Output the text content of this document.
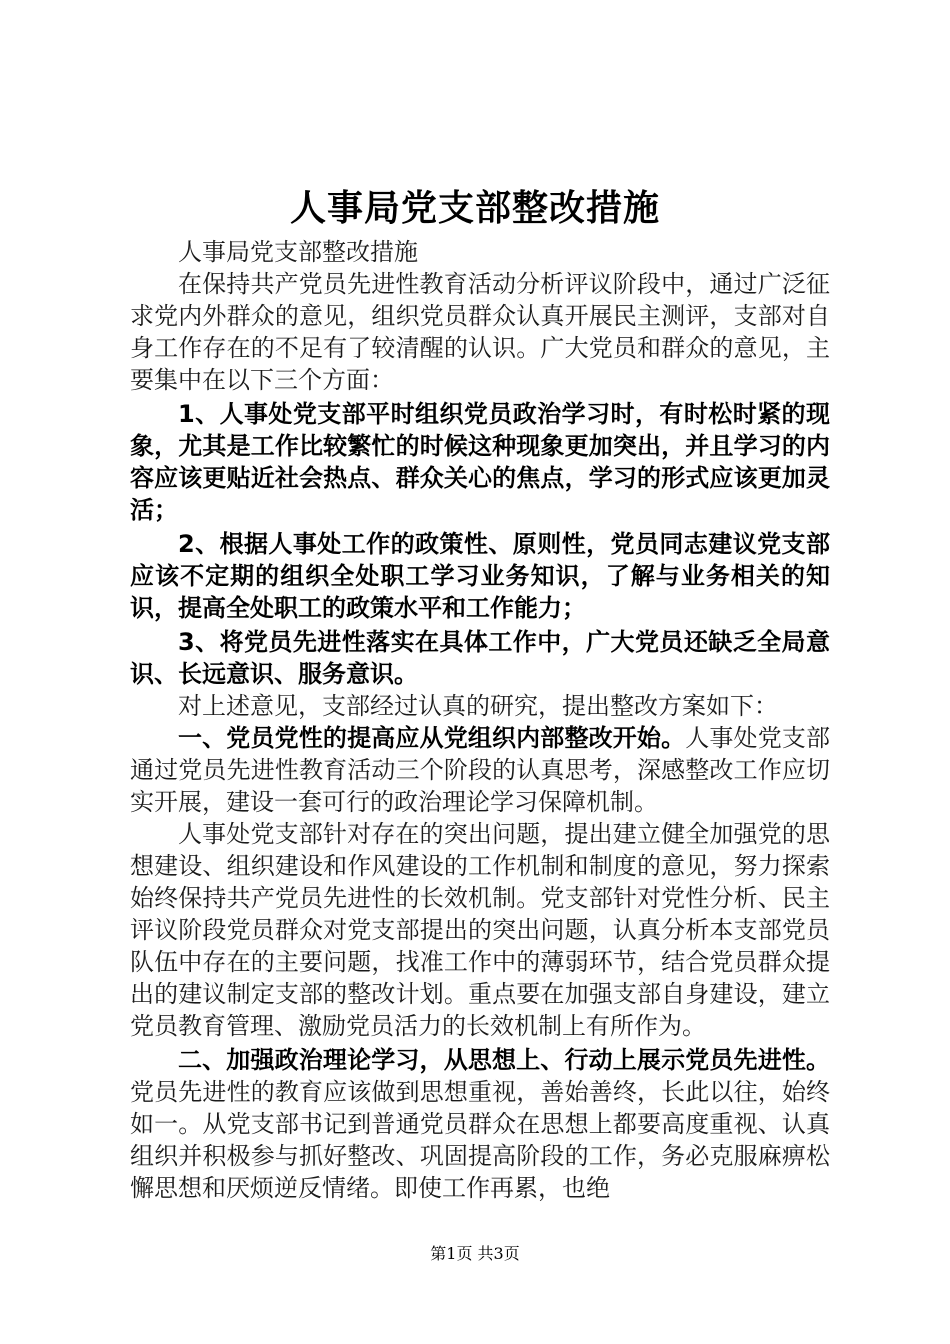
人事局党支部整改措施

人事局党支部整改措施

在保持共产党员先进性教育活动分析评议阶段中，通过广泛征求党内外群众的意见，组织党员群众认真开展民主测评，支部对自身工作存在的不足有了较清醒的认识。广大党员和群众的意见，主要集中在以下三个方面：

1、人事处党支部平时组织党员政治学习时，有时松时紧的现象，尤其是工作比较繁忙的时候这种现象更加突出，并且学习的内容应该更贴近社会热点、群众关心的焦点，学习的形式应该更加灵活；

2、根据人事处工作的政策性、原则性，党员同志建议党支部应该不定期的组织全处职工学习业务知识，了解与业务相关的知识，提高全处职工的政策水平和工作能力；

3、将党员先进性落实在具体工作中，广大党员还缺乏全局意识、长远意识、服务意识。

对上述意见，支部经过认真的研究，提出整改方案如下：

一、党员党性的提高应从党组织内部整改开始。人事处党支部通过党员先进性教育活动三个阶段的认真思考，深感整改工作应切实开展，建设一套可行的政治理论学习保障机制。

人事处党支部针对存在的突出问题，提出建立健全加强党的思想建设、组织建设和作风建设的工作机制和制度的意见，努力探索始终保持共产党员先进性的长效机制。党支部针对党性分析、民主评议阶段党员群众对党支部提出的突出问题，认真分析本支部党员队伍中存在的主要问题，找准工作中的薄弱环节，结合党员群众提出的建议制定支部的整改计划。重点要在加强支部自身建设，建立党员教育管理、激励党员活力的长效机制上有所作为。

二、加强政治理论学习，从思想上、行动上展示党员先进性。党员先进性的教育应该做到思想重视，善始善终，长此以往，始终如一。从党支部书记到普通党员群众在思想上都要高度重视、认真组织并积极参与抓好整改、巩固提高阶段的工作，务必克服麻痹松懈思想和厌烦逆反情绪。即使工作再累，也绝

第1页 共3页
